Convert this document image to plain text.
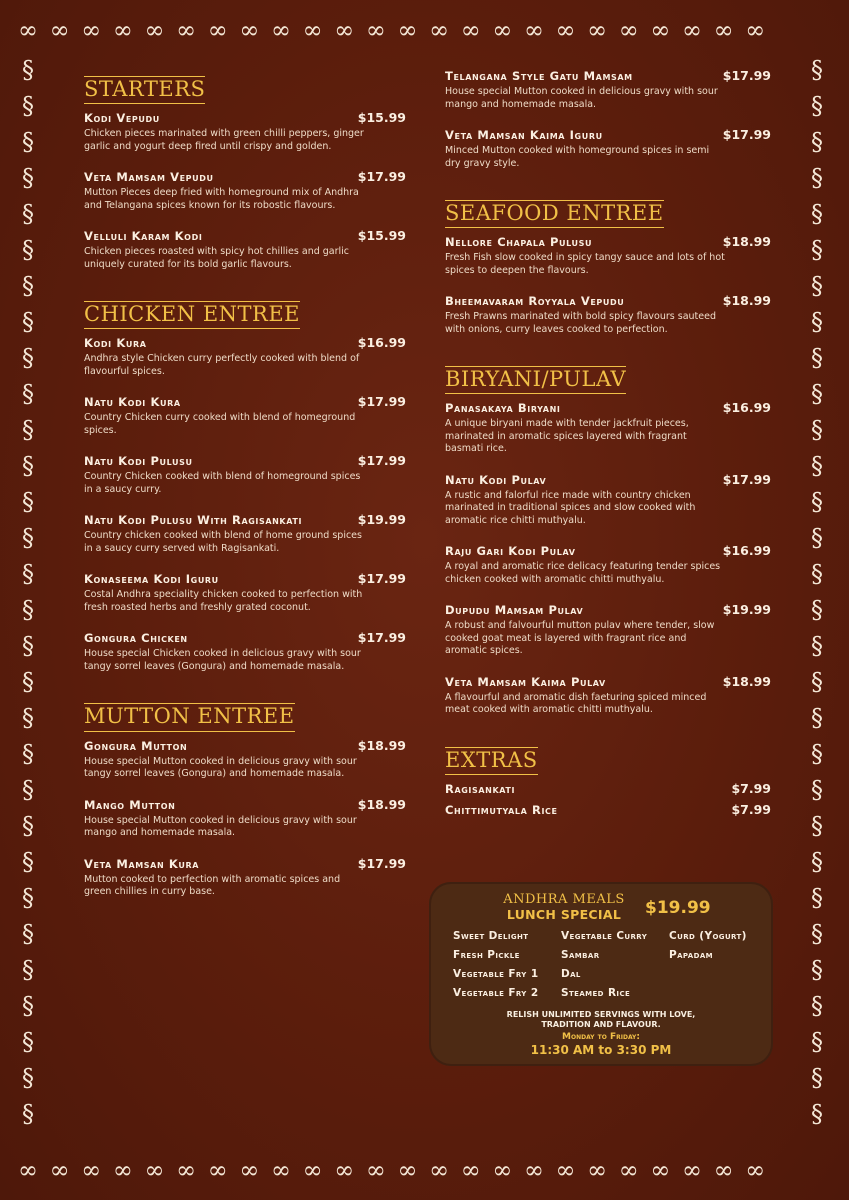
∞ ∞ ∞ ∞ ∞ ∞ ∞ ∞ ∞ ∞ ∞ ∞ ∞ ∞ ∞ ∞ ∞ ∞ ∞ ∞ ∞ ∞ ∞ ∞
∞ ∞ ∞ ∞ ∞ ∞ ∞ ∞ ∞ ∞ ∞ ∞ ∞ ∞ ∞ ∞ ∞ ∞ ∞ ∞ ∞ ∞ ∞ ∞
§ § § § § § § § § § § § § § § § § § § § § § § § § § § § § §
§ § § § § § § § § § § § § § § § § § § § § § § § § § § § § §
STARTERS
Kodi Vepudu	$15.99
Chicken pieces marinated with green chilli peppers, ginger garlic and yogurt deep fired until crispy and golden.
Veta Mamsam Vepudu	$17.99
Mutton Pieces deep fried with homeground mix of Andhra and Telangana spices known for its robostic flavours.
Velluli Karam Kodi	$15.99
Chicken pieces roasted with spicy hot chillies and garlic uniquely curated for its bold garlic flavours.
CHICKEN ENTREE
Kodi Kura	$16.99
Andhra style Chicken curry perfectly cooked with blend of flavourful spices.
Natu Kodi Kura	$17.99
Country Chicken curry cooked with blend of homeground spices.
Natu Kodi Pulusu	$17.99
Country Chicken cooked with blend of homeground spices in a saucy curry.
Natu Kodi Pulusu With Ragisankati	$19.99
Country chicken cooked with blend of home ground spices in a saucy curry served with Ragisankati.
Konaseema Kodi Iguru	$17.99
Costal Andhra speciality chicken cooked to perfection with fresh roasted herbs and freshly grated coconut.
Gongura Chicken	$17.99
House special Chicken cooked in delicious gravy with sour tangy sorrel leaves (Gongura) and homemade masala.
MUTTON ENTREE
Gongura Mutton	$18.99
House special Mutton cooked in delicious gravy with sour tangy sorrel leaves (Gongura) and homemade masala.
Mango Mutton	$18.99
House special Mutton cooked in delicious gravy with sour mango and homemade masala.
Veta Mamsan Kura	$17.99
Mutton cooked to perfection with aromatic spices and green chillies in curry base.
Telangana Style Gatu Mamsam	$17.99
House special Mutton cooked in delicious gravy with sour mango and homemade masala.
Veta Mamsan Kaima Iguru	$17.99
Minced Mutton cooked with homeground spices in semi dry gravy style.
SEAFOOD ENTREE
Nellore Chapala Pulusu	$18.99
Fresh Fish slow cooked in spicy tangy sauce and lots of hot spices to deepen the flavours.
Bheemavaram Royyala Vepudu	$18.99
Fresh Prawns marinated with bold spicy flavours sauteed with onions, curry leaves cooked to perfection.
BIRYANI/PULAV
Panasakaya Biryani	$16.99
A unique biryani made with tender jackfruit pieces, marinated in aromatic spices layered with fragrant basmati rice.
Natu Kodi Pulav	$17.99
A rustic and falorful rice made with country chicken marinated in traditional spices and slow cooked with aromatic rice chitti muthyalu.
Raju Gari Kodi Pulav	$16.99
A royal and aromatic rice delicacy featuring tender spices chicken cooked with aromatic chitti muthyalu.
Dupudu Mamsam Pulav	$19.99
A robust and falvourful mutton pulav where tender, slow cooked goat meat is layered with fragrant rice and aromatic spices.
Veta Mamsam Kaima Pulav	$18.99
A flavourful and aromatic dish faeturing spiced minced meat cooked with aromatic chitti muthyalu.
EXTRAS
Ragisankati	$7.99
Chittimutyala Rice	$7.99
ANDHRA MEALS
LUNCH SPECIAL	$19.99
Sweet Delight	Vegetable Curry	Curd (Yogurt)
Fresh Pickle	Sambar	Papadam
Vegetable Fry 1	Dal
Vegetable Fry 2	Steamed Rice
RELISH UNLIMITED SERVINGS WITH LOVE,
TRADITION AND FLAVOUR.
Monday to Friday:
11:30 AM to 3:30 PM
